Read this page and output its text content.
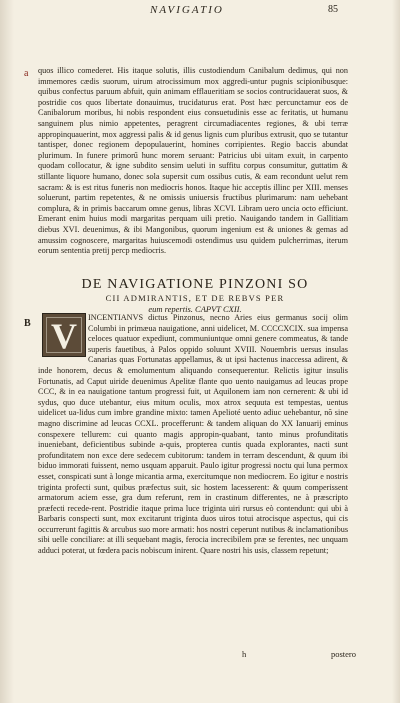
NAVIGATIO	85
a quos illico comederet. His itaque solutis, illis custodiendum Canibalum dedimus, qui non immemores cædis suorum, uirum atrocissimum mox aggredi-untur pugnis scipionibusque: quibus confectus paruum abfuit, quin animam efflaueritiam se socios contrucidauerat suos, & postridie cos quos libertate donauimus, trucidaturus erat. Post hæc percunctamur eos de Canibalorum moribus, hi nobis respondent eius consuetudinis esse ac feritatis, ut humanu sanguinem plus nimio appetentes, peragrent circumadiacentes regiones, & ubi terræ appropinquauerint, mox aggressi palis & id genus lignis cum pluribus extrusit, quo se tutantur tantisper, donec regionem depopulauerint, homines corripientes. Regio baccis abundat plurimum. In funere primorű hunc morem seruant: Patricius ubi uitam exuit, in carpento quodam collocatur, & igne subdito sensim ueluti in suffitu corpus consumitur, guttatim & stillante liquore humano, donec sola supersit cum ossibus cutis, & eam recondunt uelut rem sacram: & is est ritus funeris non mediocris honos. Itaque hic acceptis illinc per XIII. menses soluerunt, partim repetentes, & ne omissis uniuersis fructibus plurimarum: nam uehebant complura, & in primis baccarum omne genus, libras XCVI. Libram uero uncia octo efficiunt. Emerant enim huius modi margaritas perquam uili pretio. Nauigando tandem in Gallitiam diebus XVI. deuenimus, & ibi Mangonibus, quorum ingenium est & uniones & gemas ad amussim cognoscere, margaritas huiuscemodi ostendimus usu quidem pulcherrimas, iterum eorum sententia pretij percp mediocris.

DE NAVIGATIONE PINZONI SO
CII ADMIRANTIS, ET DE REBVS PER
eum repertis. CAPVT CXII.
B V	INCENTIANVS dictus Pinzonus, necno Aries eius germanus socij olim Columbi in primæua nauigatione, anni uidelicet, M. CCCCXCIX. sua impensa celoces quatuor expediunt, communiuntque omni genere commeatus, & tande superis fauetibus, à Palos oppido soluunt XVIII. Nouembris uersus insulas Canarias quas Fortunatas appellamus, & ut ipsi hactenus inaccessa adirent, & inde honorem, decus & emolumentum aliquando consequerentur. Relictis igitur insulis Fortunatis, ad Caput uiride deuenimus Apelitæ flante quo uento nauigamus ad leucas prope CCC, & in ea nauigatione tantum progressi fuit, ut Aquilonem iam non cernerent: & ubi id sydus, quo duce utebantur, eius mitum oculis, mox atrox sequuta est tempestas, uentus uidelicet ua-lidus cum imbre grandine mixto: tamen Apelioté uento adiuc uehebantur, nõ sine magno discrimine ad leucas CCXL. procefferunt: & tandem aliquan do XX Ianuarij eminus conspexere tellurem: cui quanto magis appropin-quabant, tanto minus profunditatis inueniebant, deficientibus subinde a-quis, propterea cuntis quada explorantes, nacti sunt profunditatem non exce dere sedecem cubitorum: tandem in terram descendunt, & quum ibi biduo immorati fuissent, nemo usquam apparuit. Paulo igitur progressi noctu qui luna permox esset, conspicati sunt à longe micantia arma, exercitumque non mediocrem. Eo igitur e nostris triginta profecti sunt, quibus præfectus suit, sic hostem lacesserent: & quum comperissent armatorum aciem esse, gra dum referunt, rem in crastinum differentes, ne à præscripto præfecti recede-rent. Postridie itaque prima luce triginta uiri rursus eò contendunt: qui ubi à Barbaris conspecti sunt, mox excitarunt triginta duos uiros totui atrocisque aspectus, qui cis occurrerunt fagittis & arcubus suo more armati: hos nostri ceperunt nutibus & inclamationibus sibi uelle conciliare: at illi sequebant magis, ferocia increcibilem præ se ferentes, nec unquam adduci poterat, ut fœdera pacis nobiscum inirent. Quare nostri his usis, classem repetunt;

h	postero
